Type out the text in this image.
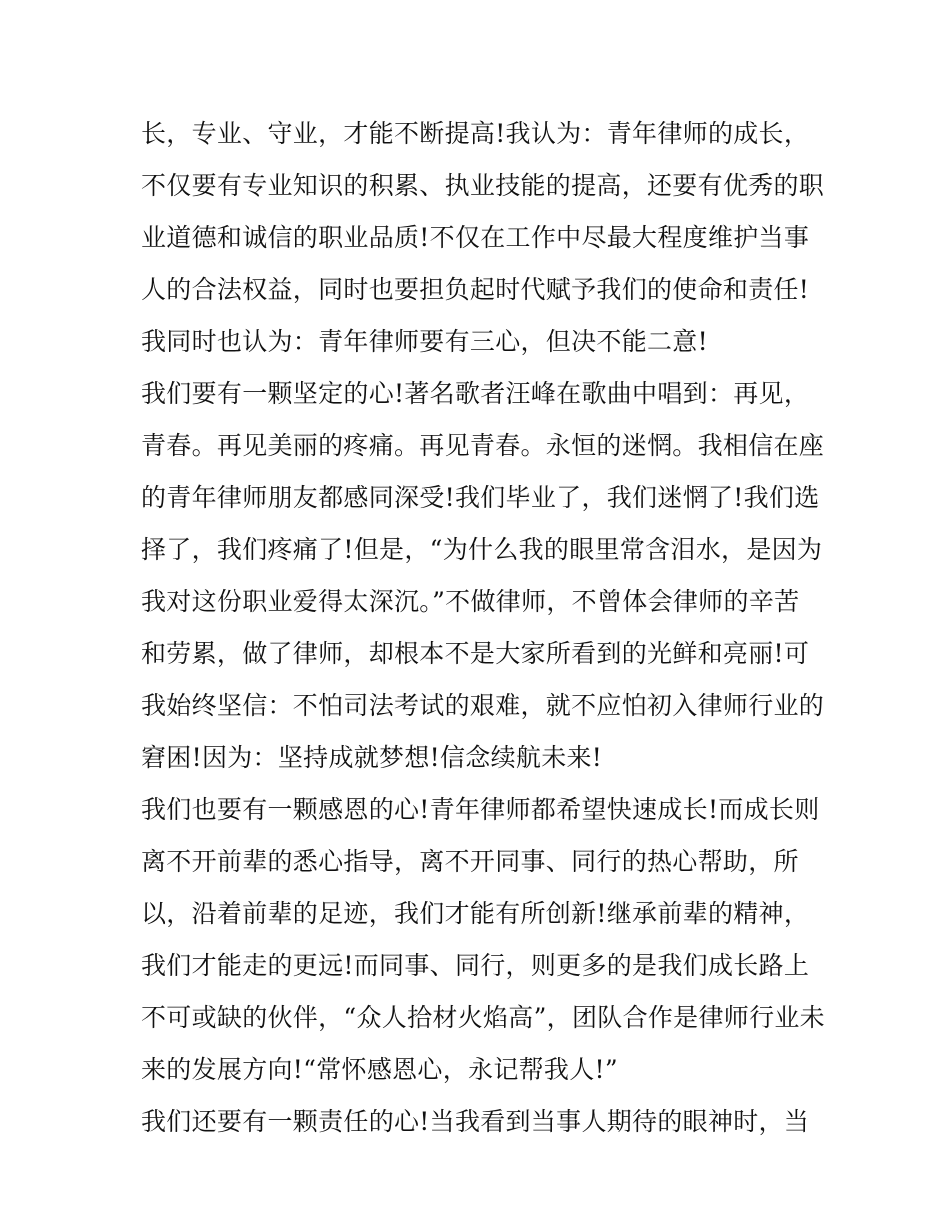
长，专业、守业，才能不断提高!我认为：青年律师的成长，
不仅要有专业知识的积累、执业技能的提高，还要有优秀的职
业道德和诚信的职业品质!不仅在工作中尽最大程度维护当事
人的合法权益，同时也要担负起时代赋予我们的使命和责任!
我同时也认为：青年律师要有三心，但决不能二意!
我们要有一颗坚定的心!著名歌者汪峰在歌曲中唱到：再见，
青春。再见美丽的疼痛。再见青春。永恒的迷惘。我相信在座
的青年律师朋友都感同深受!我们毕业了，我们迷惘了!我们选
择了，我们疼痛了!但是，“为什么我的眼里常含泪水，是因为
我对这份职业爱得太深沉。”不做律师，不曾体会律师的辛苦
和劳累，做了律师，却根本不是大家所看到的光鲜和亮丽!可
我始终坚信：不怕司法考试的艰难，就不应怕初入律师行业的
窘困!因为：坚持成就梦想!信念续航未来!
我们也要有一颗感恩的心!青年律师都希望快速成长!而成长则
离不开前辈的悉心指导，离不开同事、同行的热心帮助，所
以，沿着前辈的足迹，我们才能有所创新!继承前辈的精神，
我们才能走的更远!而同事、同行，则更多的是我们成长路上
不可或缺的伙伴，“众人拾材火焰高”，团队合作是律师行业未
来的发展方向!“常怀感恩心，永记帮我人!”
我们还要有一颗责任的心!当我看到当事人期待的眼神时，当
